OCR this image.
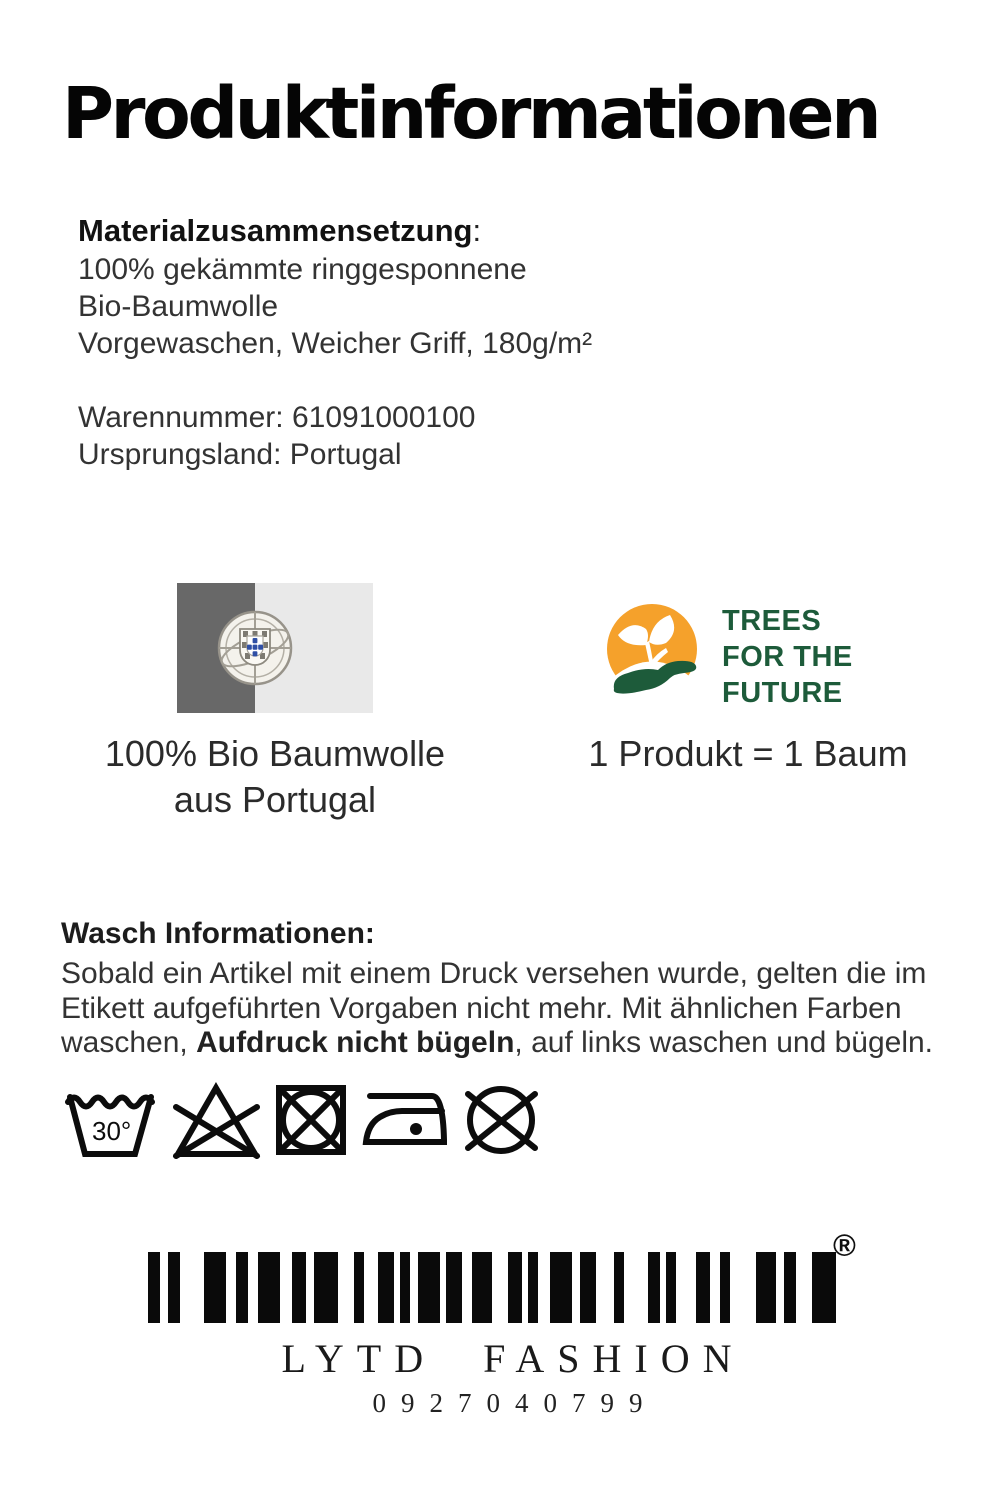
Produktinformationen
Materialzusammensetzung:
100% gekämmte ringgesponnene
Bio-Baumwolle
Vorgewaschen, Weicher Griff, 180g/m²
Warennummer: 61091000100
Ursprungsland: Portugal
100% Bio Baumwolle
aus Portugal
TREES
FOR THE
FUTURE
1 Produkt = 1 Baum
Wasch Informationen:
Sobald ein Artikel mit einem Druck versehen wurde, gelten die im
Etikett aufgeführten Vorgaben nicht mehr. Mit ähnlichen Farben
waschen, Aufdruck nicht bügeln, auf links waschen und bügeln.
30°
®
LYTD FASHION
0927040799
